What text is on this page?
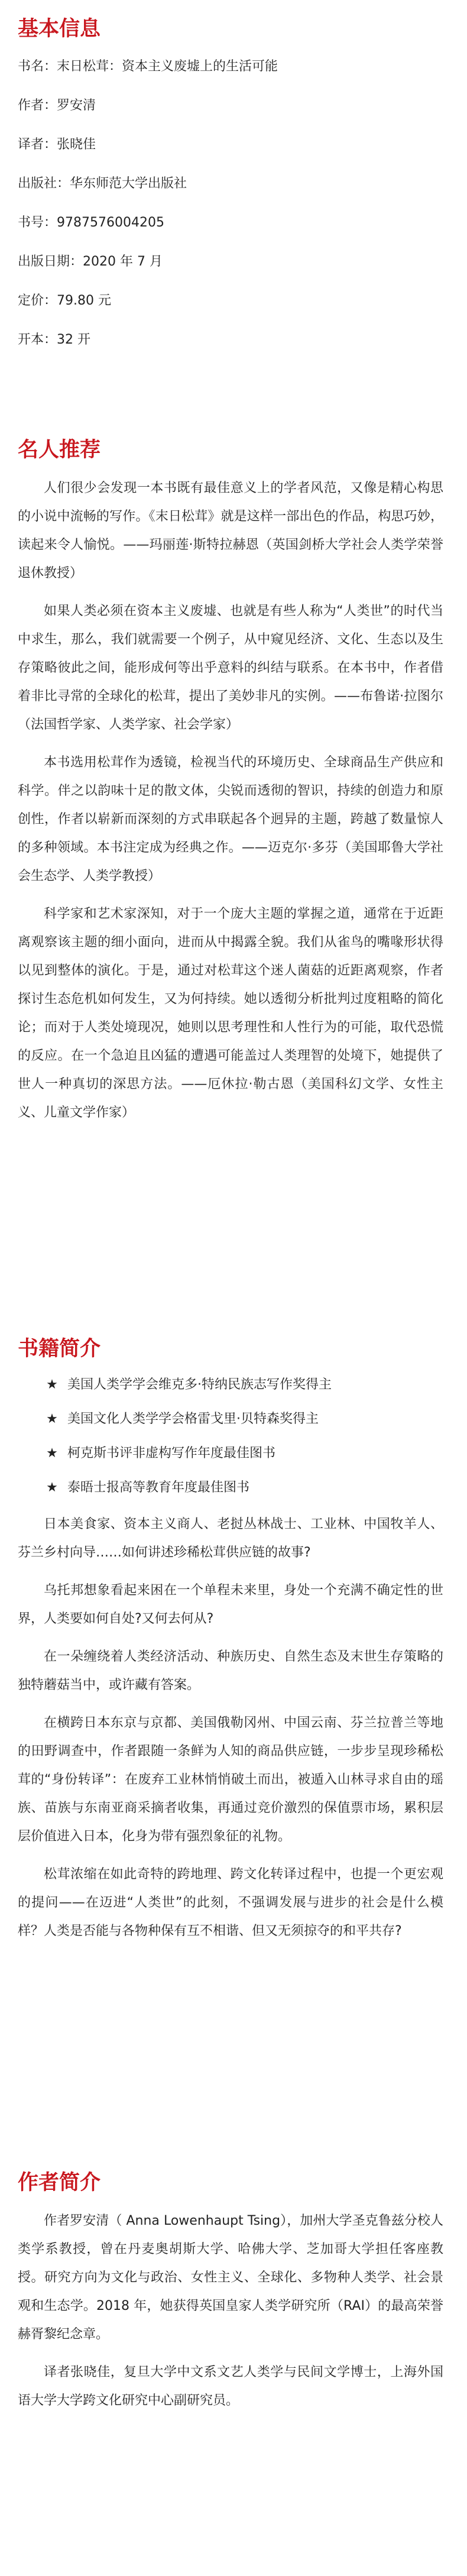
基本信息

书名：末日松茸：资本主义废墟上的生活可能

作者：罗安清

译者：张晓佳

出版社：华东师范大学出版社

书号：9787576004205

出版日期：2020 年 7 月

定价：79.80 元

开本：32 开

名人推荐

人们很少会发现一本书既有最佳意义上的学者风范，又像是精心构思的小说中流畅的写作。《末日松茸》就是这样一部出色的作品，构思巧妙，读起来令人愉悦。——玛丽莲·斯特拉赫恩（英国剑桥大学社会人类学荣誉退休教授）

如果人类必须在资本主义废墟、也就是有些人称为“人类世”的时代当中求生，那么，我们就需要一个例子，从中窥见经济、文化、生态以及生存策略彼此之间，能形成何等出乎意料的纠结与联系。在本书中，作者借着非比寻常的全球化的松茸，提出了美妙非凡的实例。——布鲁诺·拉图尔（法国哲学家、人类学家、社会学家）

本书选用松茸作为透镜，检视当代的环境历史、全球商品生产供应和科学。伴之以韵味十足的散文体，尖锐而透彻的智识，持续的创造力和原创性，作者以崭新而深刻的方式串联起各个迥异的主题，跨越了数量惊人的多种领域。本书注定成为经典之作。——迈克尔·多芬（美国耶鲁大学社会生态学、人类学教授）

科学家和艺术家深知，对于一个庞大主题的掌握之道，通常在于近距离观察该主题的细小面向，进而从中揭露全貌。我们从雀鸟的嘴喙形状得以见到整体的演化。于是，通过对松茸这个迷人菌菇的近距离观察，作者探讨生态危机如何发生，又为何持续。她以透彻分析批判过度粗略的简化论；而对于人类处境现况，她则以思考理性和人性行为的可能，取代恐慌的反应。在一个急迫且凶猛的遭遇可能盖过人类理智的处境下，她提供了世人一种真切的深思方法。——厄休拉·勒古恩（美国科幻文学、女性主义、儿童文学作家）

书籍简介
★ 美国人类学学会维克多·特纳民族志写作奖得主
★ 美国文化人类学学会格雷戈里·贝特森奖得主
★ 柯克斯书评非虚构写作年度最佳图书
★ 泰晤士报高等教育年度最佳图书

日本美食家、资本主义商人、老挝丛林战士、工业林、中国牧羊人、芬兰乡村向导……如何讲述珍稀松茸供应链的故事?

乌托邦想象看起来困在一个单程未来里，身处一个充满不确定性的世界，人类要如何自处?又何去何从?

在一朵缠绕着人类经济活动、种族历史、自然生态及末世生存策略的独特蘑菇当中，或许藏有答案。

在横跨日本东京与京都、美国俄勒冈州、中国云南、芬兰拉普兰等地的田野调查中，作者跟随一条鲜为人知的商品供应链，一步步呈现珍稀松茸的“身份转译”：在废弃工业林悄悄破土而出，被遁入山林寻求自由的瑶族、苗族与东南亚商采摘者收集，再通过竞价激烈的保值票市场，累积层层价值进入日本，化身为带有强烈象征的礼物。

松茸浓缩在如此奇特的跨地理、跨文化转译过程中，也提一个更宏观的提问——在迈进“人类世”的此刻，不强调发展与进步的社会是什么模样？人类是否能与各物种保有互不相谐、但又无须掠夺的和平共存?

作者简介

作者罗安清（ Anna Lowenhaupt Tsing），加州大学圣克鲁兹分校人类学系教授，曾在丹麦奥胡斯大学、哈佛大学、芝加哥大学担任客座教授。研究方向为文化与政治、女性主义、全球化、多物种人类学、社会景观和生态学。2018 年，她获得英国皇家人类学研究所（RAI）的最高荣誉赫胥黎纪念章。

译者张晓佳，复旦大学中文系文艺人类学与民间文学博士，上海外国语大学大学跨文化研究中心副研究员。
